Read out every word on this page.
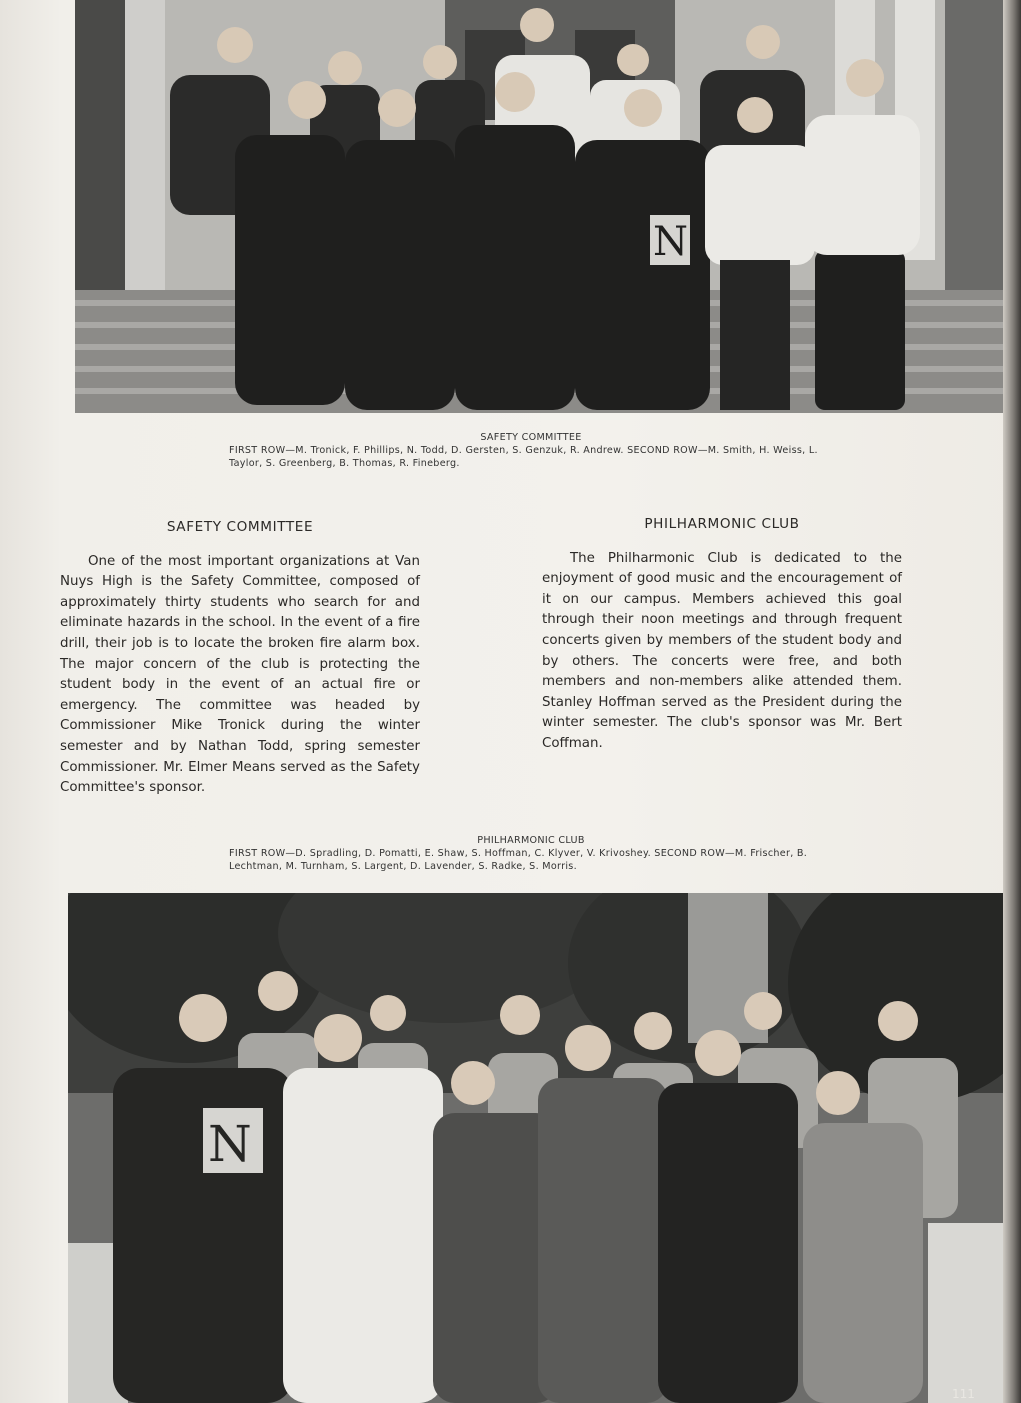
N
SAFETY COMMITTEE
FIRST ROW—M. Tronick, F. Phillips, N. Todd, D. Gersten, S. Genzuk, R. Andrew. SECOND ROW—M. Smith, H. Weiss, L. Taylor, S. Greenberg, B. Thomas, R. Fineberg.
SAFETY COMMITTEE

One of the most important organizations at Van Nuys High is the Safety Committee, composed of approximately thirty students who search for and eliminate hazards in the school. In the event of a fire drill, their job is to locate the broken fire alarm box. The major concern of the club is protecting the student body in the event of an actual fire or emergency. The committee was headed by Commissioner Mike Tronick during the winter semester and by Nathan Todd, spring semester Commissioner. Mr. Elmer Means served as the Safety Committee's sponsor.

PHILHARMONIC CLUB

The Philharmonic Club is dedicated to the enjoyment of good music and the encouragement of it on our campus. Members achieved this goal through their noon meetings and through frequent concerts given by members of the student body and by others. The concerts were free, and both members and non-members alike attended them. Stanley Hoffman served as the President during the winter semester. The club's sponsor was Mr. Bert Coffman.

PHILHARMONIC CLUB
FIRST ROW—D. Spradling, D. Pomatti, E. Shaw, S. Hoffman, C. Klyver, V. Krivoshey. SECOND ROW—M. Frischer, B. Lechtman, M. Turnham, S. Largent, D. Lavender, S. Radke, S. Morris.
N
111
